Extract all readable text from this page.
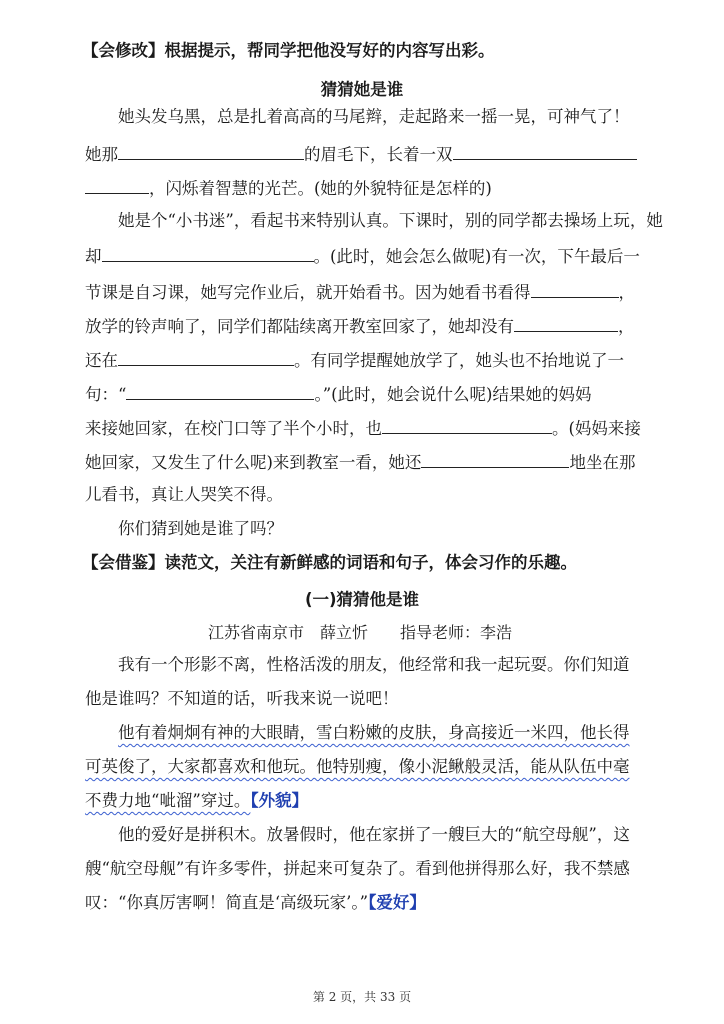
【会修改】根据提示，帮同学把他没写好的内容写出彩。
猜猜她是谁
她头发乌黑，总是扎着高高的马尾辫，走起路来一摇一晃，可神气了！
她那	的眉毛下，长着一双
，闪烁着智慧的光芒。(她的外貌特征是怎样的)
她是个“小书迷”，看起书来特别认真。下课时，别的同学都去操场上玩，她
却	。(此时，她会怎么做呢)有一次，下午最后一
节课是自习课，她写完作业后，就开始看书。因为她看书看得	，
放学的铃声响了，同学们都陆续离开教室回家了，她却没有	，
还在	。有同学提醒她放学了，她头也不抬地说了一
句：“	。”(此时，她会说什么呢)结果她的妈妈
来接她回家，在校门口等了半个小时，也	。(妈妈来接
她回家，又发生了什么呢)来到教室一看，她还	地坐在那
儿看书，真让人哭笑不得。
你们猜到她是谁了吗？
【会借鉴】读范文，关注有新鲜感的词语和句子，体会习作的乐趣。
(一)猜猜他是谁
江苏省南京市　薛立忻　　指导老师：李浩
我有一个形影不离，性格活泼的朋友，他经常和我一起玩耍。你们知道
他是谁吗？不知道的话，听我来说一说吧！
他有着炯炯有神的大眼睛，雪白粉嫩的皮肤，身高接近一米四，他长得
可英俊了，大家都喜欢和他玩。他特别瘦，像小泥鳅般灵活，能从队伍中毫
不费力地“呲溜”穿过。【外貌】
他的爱好是拼积木。放暑假时，他在家拼了一艘巨大的“航空母舰”，这
艘“航空母舰”有许多零件，拼起来可复杂了。看到他拼得那么好，我不禁感
叹：“你真厉害啊！简直是‘高级玩家’。”【爱好】
第 2 页，共 33 页
